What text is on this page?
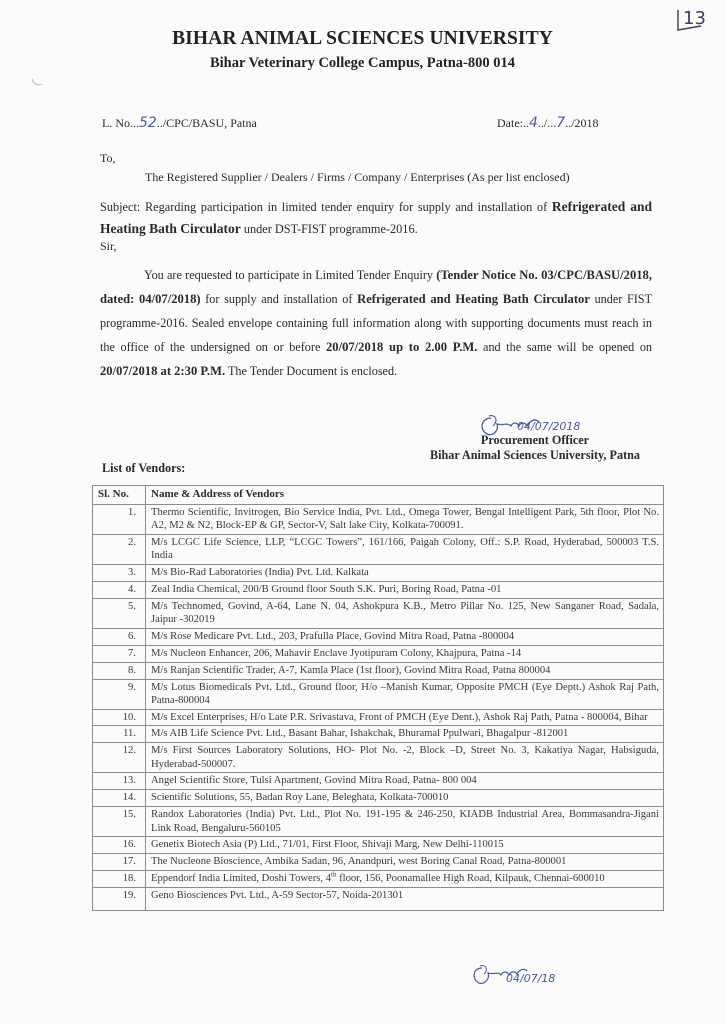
13
BIHAR ANIMAL SCIENCES UNIVERSITY
Bihar Veterinary College Campus, Patna-800 014
L. No...52../CPC/BASU, Patna	Date:..4../...7../2018
To,
The Registered Supplier / Dealers / Firms / Company / Enterprises (As per list enclosed)
Subject: Regarding participation in limited tender enquiry for supply and installation of Refrigerated and Heating Bath Circulator under DST-FIST programme-2016.
Sir,
You are requested to participate in Limited Tender Enquiry (Tender Notice No. 03/CPC/BASU/2018, dated: 04/07/2018) for supply and installation of Refrigerated and Heating Bath Circulator under FIST programme-2016. Sealed envelope containing full information along with supporting documents must reach in the office of the undersigned on or before 20/07/2018 up to 2.00 P.M. and the same will be opened on 20/07/2018 at 2:30 P.M. The Tender Document is enclosed.
04/07/2018
Procurement Officer
Bihar Animal Sciences University, Patna
List of Vendors:
Sl. No.	Name & Address of Vendors
1.	Thermo Scientific, Invitrogen, Bio Service India, Pvt. Ltd., Omega Tower, Bengal Intelligent Park, 5th floor, Plot No. A2, M2 & N2, Block-EP & GP, Sector-V, Salt lake City, Kolkata-700091.
2.	M/s LCGC Life Science, LLP, “LCGC Towers”, 161/166, Paigah Colony, Off.: S.P. Road, Hyderabad, 500003 T.S. India
3.	M/s Bio-Rad Laboratories (India) Pvt. Ltd. Kalkata
4.	Zeal India Chemical, 200/B Ground floor South S.K. Puri, Boring Road, Patna -01
5.	M/s Technomed, Govind, A-64, Lane N. 04, Ashokpura K.B., Metro Pillar No. 125, New Sanganer Road, Sadala, Jaipur -302019
6.	M/s Rose Medicare Pvt. Ltd., 203, Prafulla Place, Govind Mitra Road, Patna -800004
7.	M/s Nucleon Enhancer, 206, Mahavir Enclave Jyotipuram Colony, Khajpura, Patna -14
8.	M/s Ranjan Scientific Trader, A-7, Kamla Place (1st floor), Govind Mitra Road, Patna 800004
9.	M/s Lotus Biomedicals Pvt. Ltd., Ground floor, H/o –Manish Kumar, Opposite PMCH (Eye Deptt.) Ashok Raj Path, Patna-800004
10.	M/s Excel Enterprises, H/o Late P.R. Srivastava, Front of PMCH (Eye Dent.), Ashok Raj Path, Patna - 800004, Bihar
11.	M/s AIB Life Science Pvt. Ltd., Basant Bahar, Ishakchak, Bhuramal Ppulwari, Bhagalpur -812001
12.	M/s First Sources Laboratory Solutions, HO- Plot No. -2, Block –D, Street No. 3, Kakatiya Nagar, Habsiguda, Hyderabad-500007.
13.	Angel Scientific Store, Tulsi Apartment, Govind Mitra Road, Patna- 800 004
14.	Scientific Solutions, 55, Badan Roy Lane, Beleghata, Kolkata-700010
15.	Randox Laboratories (India) Pvt. Ltd., Plot No. 191-195 & 246-250, KIADB Industrial Area, Bommasandra-Jigani Link Road, Bengaluru-560105
16.	Genetix Biotech Asia (P) Ltd., 71/01, First Floor, Shivaji Marg, New Delhi-110015
17.	The Nucleone Bioscience, Ambika Sadan, 96, Anandpuri, west Boring Canal Road, Patna-800001
18.	Eppendorf India Limited, Doshi Towers, 4th floor, 156, Poonamallee High Road, Kilpauk, Chennai-600010
19.	Geno Biosciences Pvt. Ltd., A-59 Sector-57, Noida-201301
04/07/18
